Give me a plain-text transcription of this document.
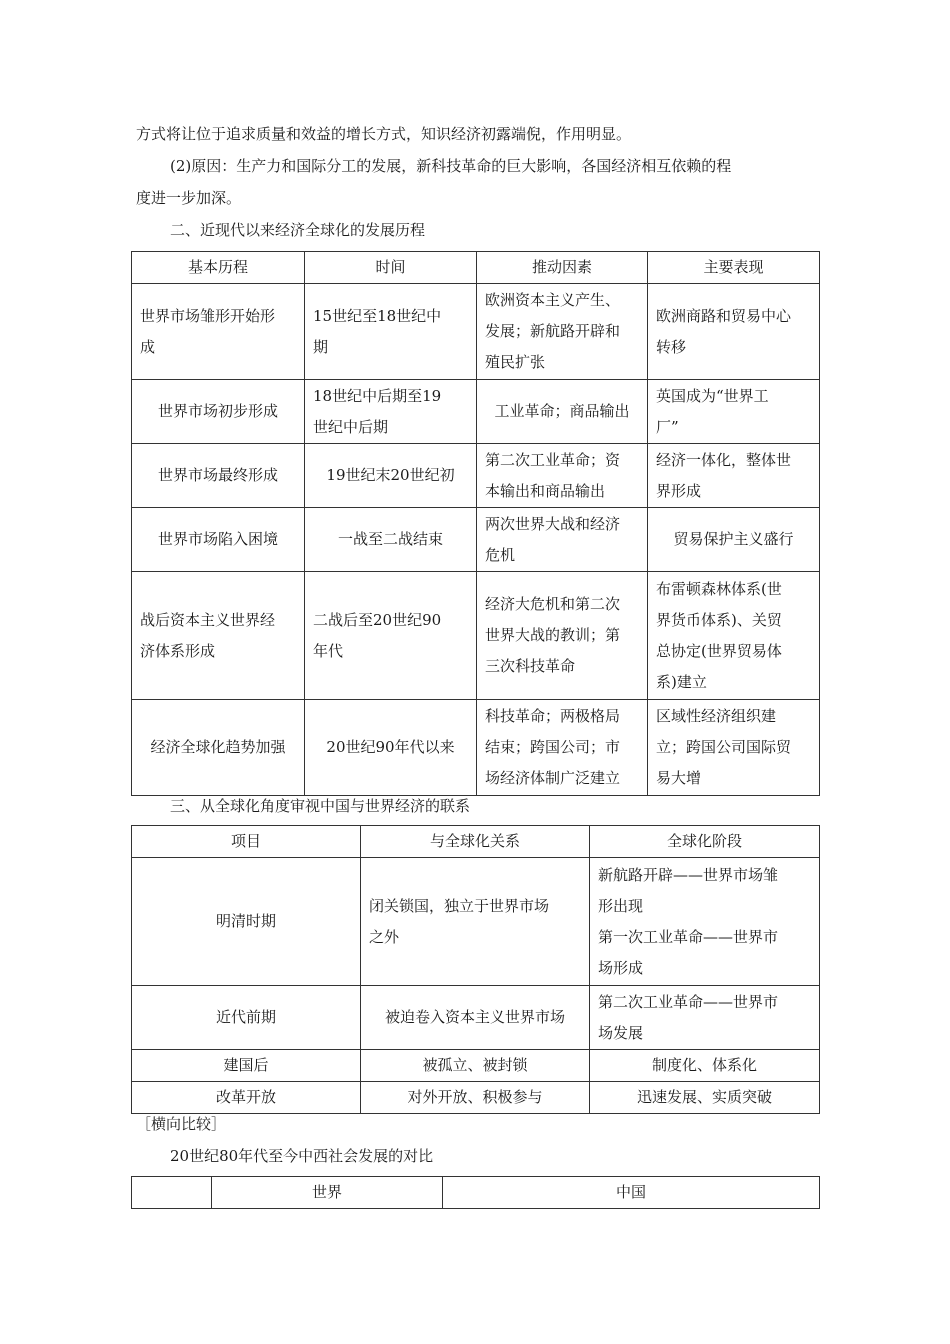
方式将让位于追求质量和效益的增长方式，知识经济初露端倪，作用明显。
(2)原因：生产力和国际分工的发展，新科技革命的巨大影响，各国经济相互依赖的程
度进一步加深。
二、近现代以来经济全球化的发展历程
基本历程	时间	推动因素	主要表现

世界市场雏形开始形
成	15世纪至18世纪中
期	欧洲资本主义产生、
发展；新航路开辟和
殖民扩张	欧洲商路和贸易中心
转移

世界市场初步形成	18世纪中后期至19
世纪中后期	工业革命；商品输出	英国成为“世界工
厂”

世界市场最终形成	19世纪末20世纪初	第二次工业革命；资
本输出和商品输出	经济一体化，整体世
界形成

世界市场陷入困境	一战至二战结束	两次世界大战和经济
危机	贸易保护主义盛行

战后资本主义世界经
济体系形成	二战后至20世纪90
年代	经济大危机和第二次
世界大战的教训；第
三次科技革命	布雷顿森林体系(世
界货币体系)、关贸
总协定(世界贸易体
系)建立

经济全球化趋势加强	20世纪90年代以来	科技革命；两极格局
结束；跨国公司；市
场经济体制广泛建立	区域性经济组织建
立；跨国公司国际贸
易大增
三、从全球化角度审视中国与世界经济的联系
项目	与全球化关系	全球化阶段

明清时期	闭关锁国，独立于世界市场
之外	新航路开辟——世界市场雏
形出现
第一次工业革命——世界市
场形成

近代前期	被迫卷入资本主义世界市场	第二次工业革命——世界市
场发展

建国后	被孤立、被封锁	制度化、体系化

改革开放	对外开放、积极参与	迅速发展、实质突破
［横向比较］
20世纪80年代至今中西社会发展的对比
	世界	中国
